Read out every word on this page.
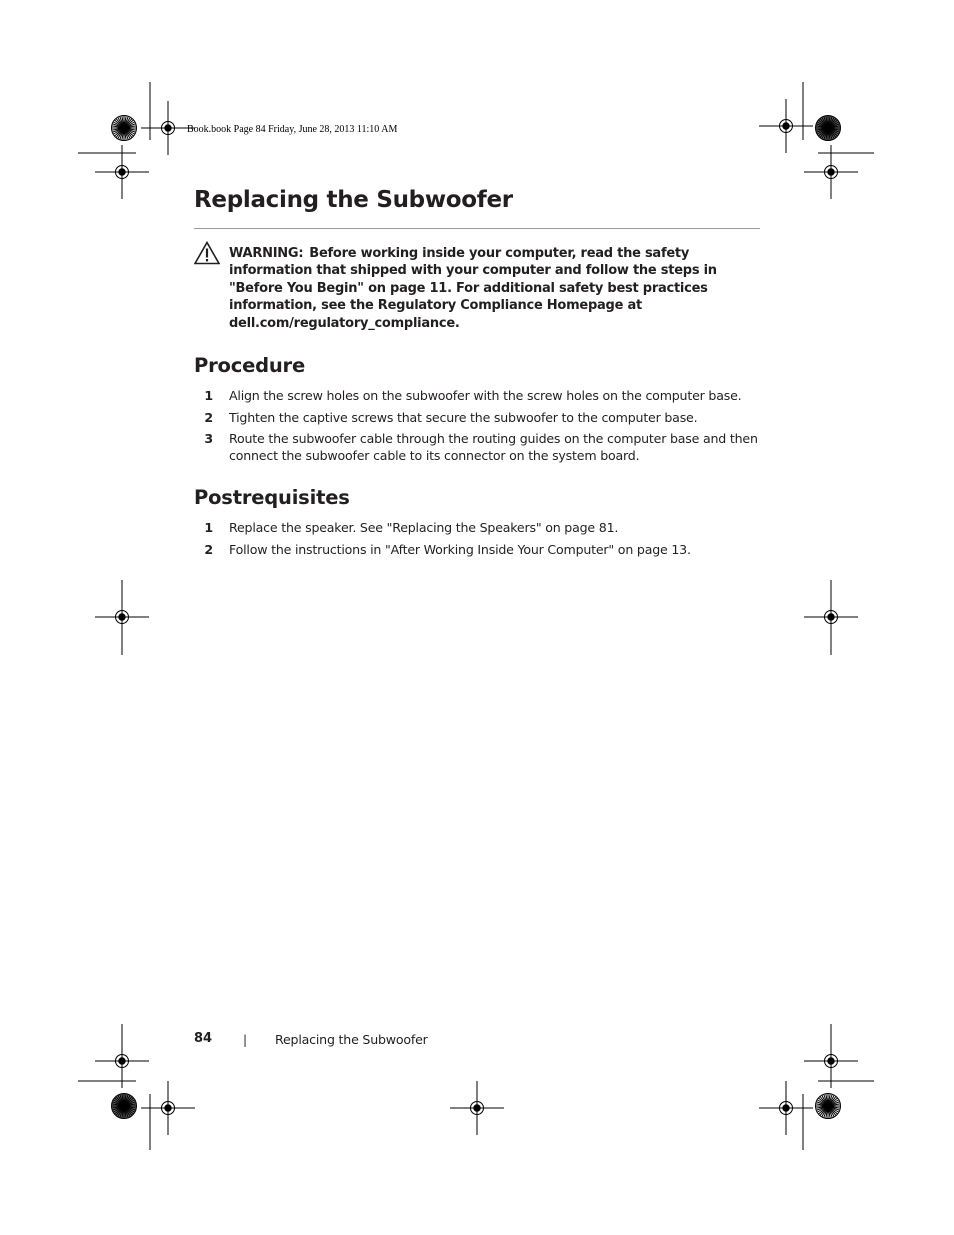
Book.book Page 84 Friday, June 28, 2013 11:10 AM
Replacing the Subwoofer
WARNING: Before working inside your computer, read the safety information that shipped with your computer and follow the steps in "Before You Begin" on page 11. For additional safety best practices information, see the Regulatory Compliance Homepage at dell.com/regulatory_compliance.
Procedure
1 Align the screw holes on the subwoofer with the screw holes on the computer base.
2 Tighten the captive screws that secure the subwoofer to the computer base.
3 Route the subwoofer cable through the routing guides on the computer base and then connect the subwoofer cable to its connector on the system board.
Postrequisites
1 Replace the speaker. See "Replacing the Speakers" on page 81.
2 Follow the instructions in "After Working Inside Your Computer" on page 13.
84	| Replacing the Subwoofer
